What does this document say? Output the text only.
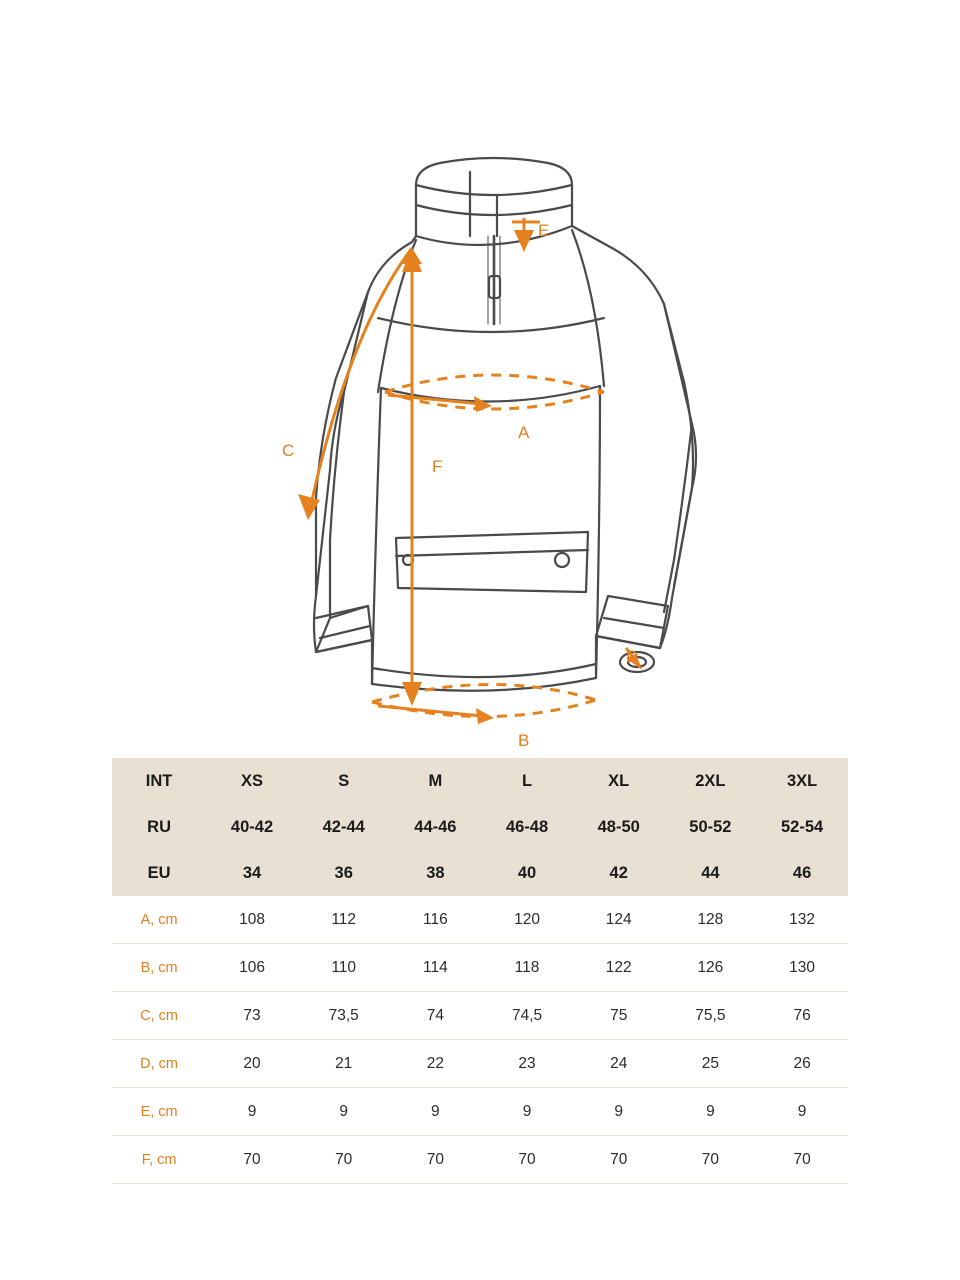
A
B
C
D
E
F
INT	XS	S	M	L	XL	2XL	3XL
RU	40-42	42-44	44-46	46-48	48-50	50-52	52-54
EU	34	36	38	40	42	44	46
A, cm	108	112	116	120	124	128	132
B, cm	106	110	114	118	122	126	130
C, cm	73	73,5	74	74,5	75	75,5	76
D, cm	20	21	22	23	24	25	26
E, cm	9	9	9	9	9	9	9
F, cm	70	70	70	70	70	70	70
